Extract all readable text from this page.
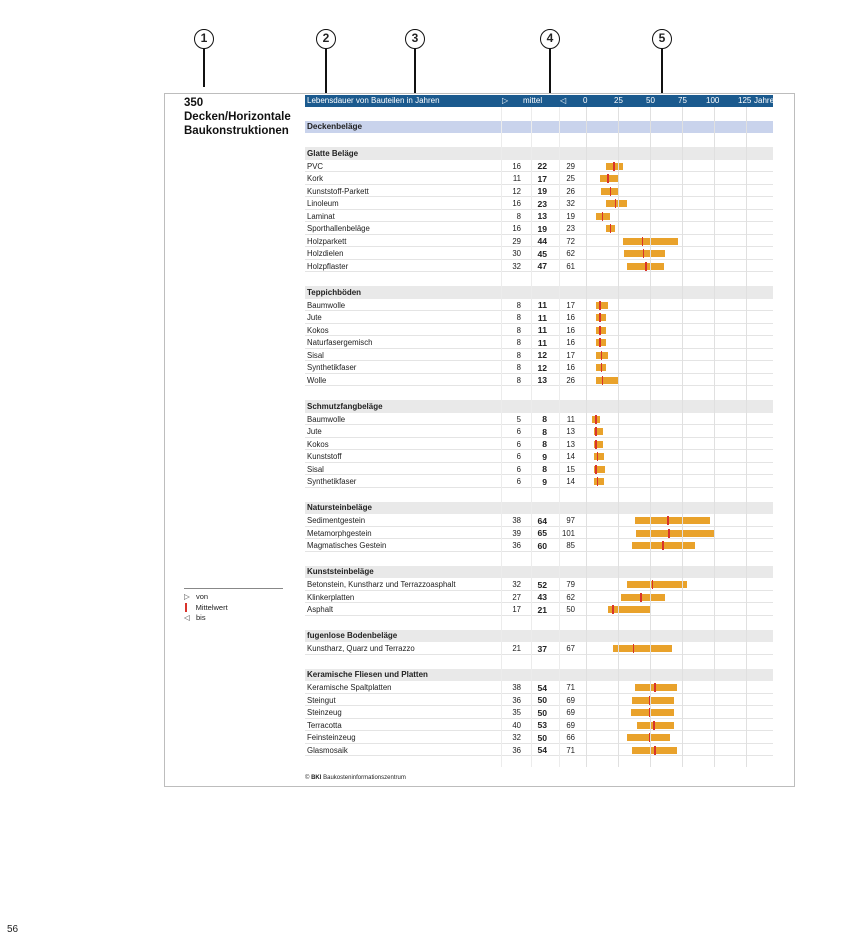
1	2	3	4	5
350
Decken/Horizontale
Baukonstruktionen
▷ von
Mittelwert
◁ bis
Lebensdauer von Bauteilen in Jahren	▷ mittel ◁	Jahre
0	25	50	75 100 125
Deckenbeläge
Glatte Beläge
PVC	16	22	29
Kork	11	17	25
Kunststoff-Parkett	12	19	26
Linoleum	16	23	32
Laminat	8	13	19
Sporthallenbeläge	16	19	23
Holzparkett	29	44	72
Holzdielen	30	45	62
Holzpflaster	32	47	61
Teppichböden
Baumwolle	8	11	17
Jute	8	11	16
Kokos	8	11	16
Naturfasergemisch	8	11	16
Sisal	8	12	17
Synthetikfaser	8	12	16
Wolle	8	13	26
Schmutzfangbeläge
Baumwolle	5	8	11
Jute	6	8	13
Kokos	6	8	13
Kunststoff	6	9	14
Sisal	6	8	15
Synthetikfaser	6	9	14
Natursteinbeläge
Sedimentgestein	38	64	97
Metamorphgestein	39	65	101
Magmatisches Gestein	36	60	85
Kunststeinbeläge
Betonstein, Kunstharz und Terrazzoasphalt	32	52	79
Klinkerplatten	27	43	62
Asphalt	17	21	50
fugenlose Bodenbeläge
Kunstharz, Quarz und Terrazzo	21	37	67
Keramische Fliesen und Platten
Keramische Spaltplatten	38	54	71
Steingut	36	50	69
Steinzeug	35	50	69
Terracotta	40	53	69
Feinsteinzeug	32	50	66
Glasmosaik	36	54	71
© BKI Baukosteninformationszentrum
56
